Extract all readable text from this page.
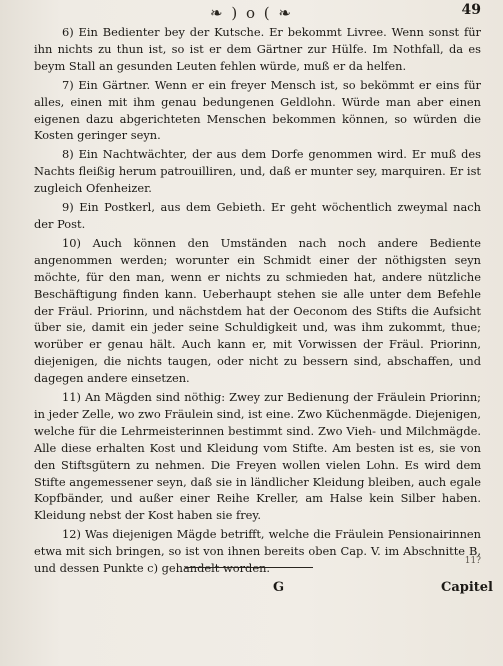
❧ ) o ( ❧	49

6) Ein Bedienter bey der Kutsche. Er bekommt Livree. Wenn sonst für ihn nichts zu thun ist, so ist er dem Gärtner zur Hülfe. Im Nothfall, da es beym Stall an gesunden Leuten fehlen würde, muß er da helfen.

7) Ein Gärtner. Wenn er ein freyer Mensch ist, so bekömmt er eins für alles, einen mit ihm genau bedungenen Geldlohn. Würde man aber einen eigenen dazu abgerichteten Menschen bekommen können, so würden die Kosten geringer seyn.

8) Ein Nachtwächter, der aus dem Dorfe genommen wird. Er muß des Nachts fleißig herum patrouilliren, und, daß er munter sey, marquiren. Er ist zugleich Ofenheizer.

9) Ein Postkerl, aus dem Gebieth. Er geht wöchentlich zweymal nach der Post.

10) Auch können den Umständen nach noch andere Bediente angenommen werden; worunter ein Schmidt einer der nöthigsten seyn möchte, für den man, wenn er nichts zu schmieden hat, andere nützliche Beschäftigung finden kann. Ueberhaupt stehen sie alle unter dem Befehle der Fräul. Priorinn, und nächstdem hat der Oeconom des Stifts die Aufsicht über sie, damit ein jeder seine Schuldigkeit und, was ihm zukommt, thue; worüber er genau hält. Auch kann er, mit Vorwissen der Fräul. Priorinn, diejenigen, die nichts taugen, oder nicht zu bessern sind, abschaffen, und dagegen andere einsetzen.

11) An Mägden sind nöthig: Zwey zur Bedienung der Fräulein Priorinn; in jeder Zelle, wo zwo Fräulein sind, ist eine. Zwo Küchenmägde. Diejenigen, welche für die Lehrmeisterinnen bestimmt sind. Zwo Vieh- und Milchmägde. Alle diese erhalten Kost und Kleidung vom Stifte. Am besten ist es, sie von den Stiftsgütern zu nehmen. Die Freyen wollen vielen Lohn. Es wird dem Stifte angemessener seyn, daß sie in ländlicher Kleidung bleiben, auch egale Kopfbänder, und außer einer Reihe Kreller, am Halse kein Silber haben. Kleidung nebst der Kost haben sie frey.

12) Was diejenigen Mägde betrifft, welche die Fräulein Pensionairinnen etwa mit sich bringen, so ist von ihnen bereits oben Cap. V. im Abschnitte B, und dessen Punkte c) gehandelt worden.

11?
G	Capitel
